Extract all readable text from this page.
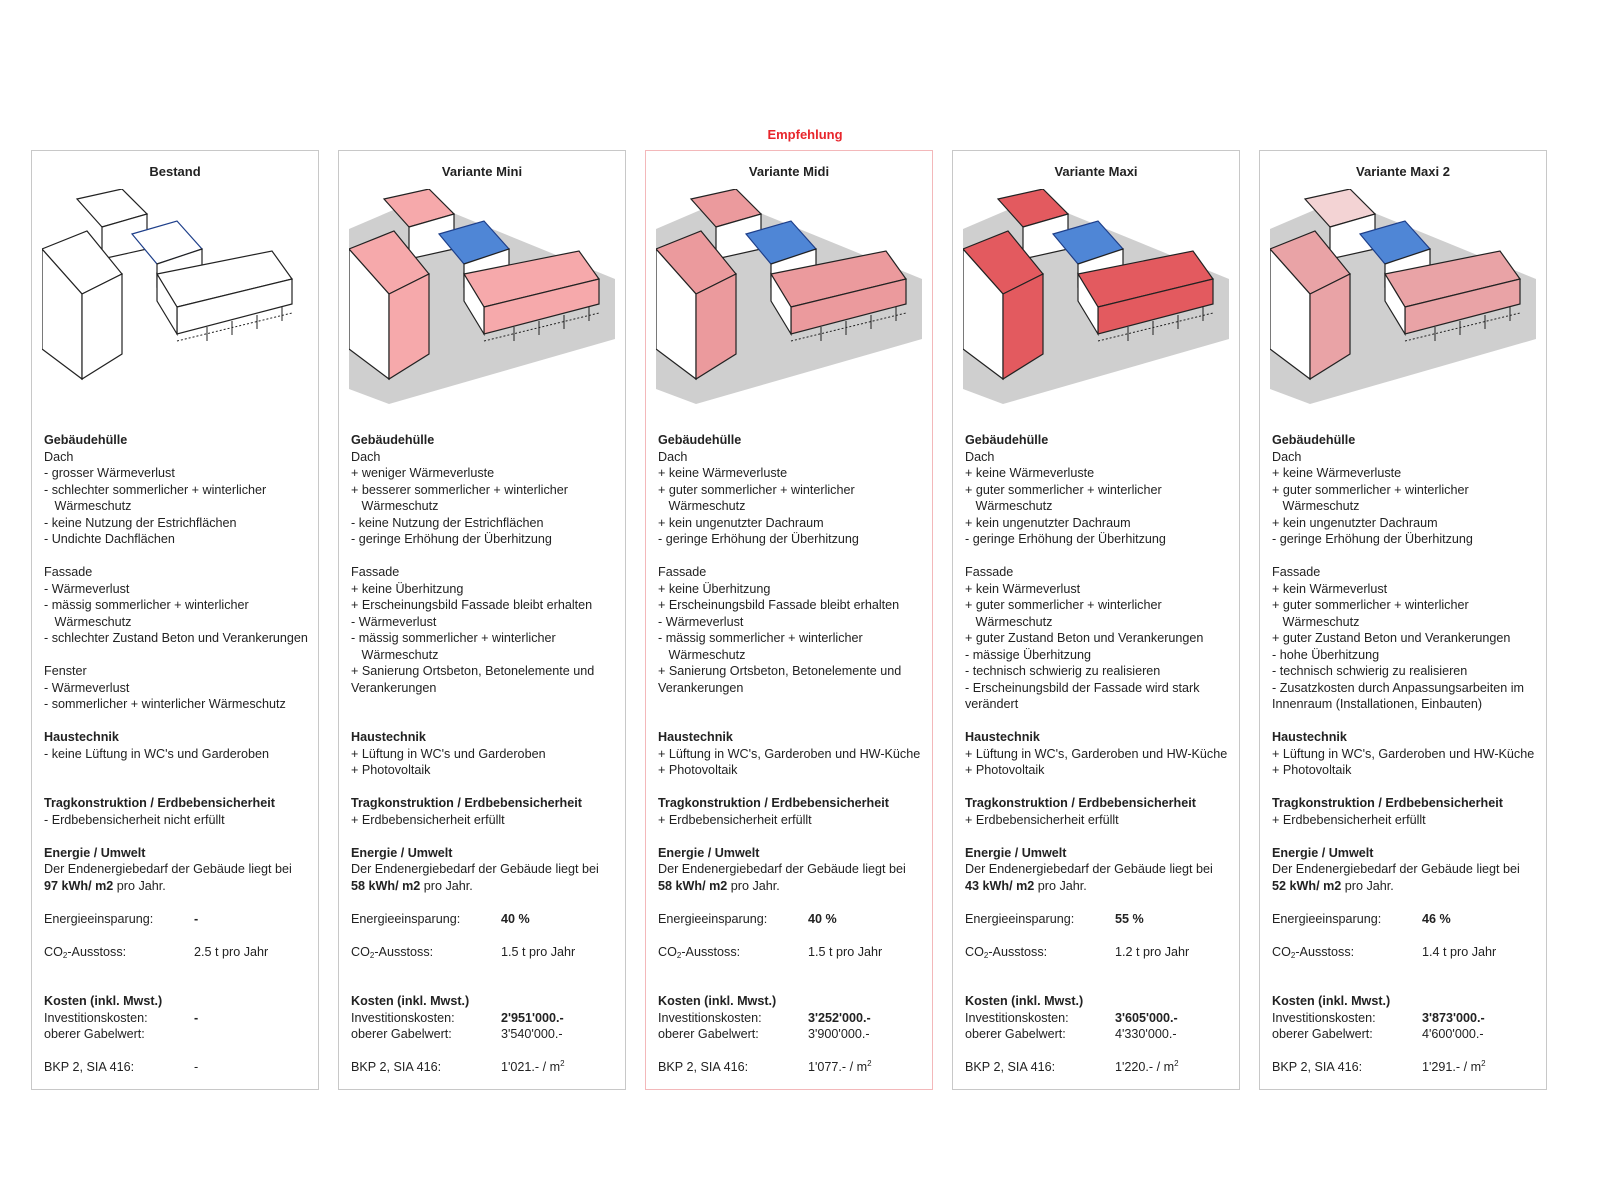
Empfehlung
Bestand
Gebäudehülle
Dach
- grosser Wärmeverlust
- schlechter sommerlicher + winterlicher
Wärmeschutz
- keine Nutzung der Estrichflächen
- Undichte Dachflächen
Fassade
- Wärmeverlust
- mässig sommerlicher + winterlicher
Wärmeschutz
- schlechter Zustand Beton und Verankerungen
Fenster
- Wärmeverlust
- sommerlicher + winterlicher Wärmeschutz
Haustechnik
- keine Lüftung in WC's und Garderoben
Tragkonstruktion / Erdbebensicherheit
- Erdbebensicherheit nicht erfüllt
Energie / Umwelt
Der Endenergiebedarf der Gebäude liegt bei
97 kWh/ m2 pro Jahr.
Energieeinsparung:	-
$CO_2$-Ausstoss:	2.5 t pro Jahr
Kosten (inkl. Mwst.)
Investitionskosten:	-
oberer Gabelwert:
BKP 2, SIA 416:	-
Variante Mini
Gebäudehülle
Dach
+ weniger Wärmeverluste
+ besserer sommerlicher + winterlicher
Wärmeschutz
- keine Nutzung der Estrichflächen
- geringe Erhöhung der Überhitzung
Fassade
+ keine Überhitzung
+ Erscheinungsbild Fassade bleibt erhalten
- Wärmeverlust
- mässig sommerlicher + winterlicher
Wärmeschutz
+ Sanierung Ortsbeton, Betonelemente und
Verankerungen
Haustechnik
+ Lüftung in WC's und Garderoben
+ Photovoltaik
Tragkonstruktion / Erdbebensicherheit
+ Erdbebensicherheit erfüllt
Energie / Umwelt
Der Endenergiebedarf der Gebäude liegt bei
58 kWh/ m2 pro Jahr.
Energieeinsparung:	40 %
$CO_2$-Ausstoss:	1.5 t pro Jahr
Kosten (inkl. Mwst.)
Investitionskosten:	2'951'000.-
oberer Gabelwert:	3'540'000.-
BKP 2, SIA 416:	$1'021.- / m^2$
Variante Midi
Gebäudehülle
Dach
+ keine Wärmeverluste
+ guter sommerlicher + winterlicher
Wärmeschutz
+ kein ungenutzter Dachraum
- geringe Erhöhung der Überhitzung
Fassade
+ keine Überhitzung
+ Erscheinungsbild Fassade bleibt erhalten
- Wärmeverlust
- mässig sommerlicher + winterlicher
Wärmeschutz
+ Sanierung Ortsbeton, Betonelemente und
Verankerungen
Haustechnik
+ Lüftung in WC's, Garderoben und HW-Küche
+ Photovoltaik
Tragkonstruktion / Erdbebensicherheit
+ Erdbebensicherheit erfüllt
Energie / Umwelt
Der Endenergiebedarf der Gebäude liegt bei
58 kWh/ m2 pro Jahr.
Energieeinsparung:	40 %
$CO_2$-Ausstoss:	1.5 t pro Jahr
Kosten (inkl. Mwst.)
Investitionskosten:	3'252'000.-
oberer Gabelwert:	3'900'000.-
BKP 2, SIA 416:	$1'077.- / m^2$
Variante Maxi
Gebäudehülle
Dach
+ keine Wärmeverluste
+ guter sommerlicher + winterlicher
Wärmeschutz
+ kein ungenutzter Dachraum
- geringe Erhöhung der Überhitzung
Fassade
+ kein Wärmeverlust
+ guter sommerlicher + winterlicher
Wärmeschutz
+ guter Zustand Beton und Verankerungen
- mässige Überhitzung
- technisch schwierig zu realisieren
- Erscheinungsbild der Fassade wird stark
verändert
Haustechnik
+ Lüftung in WC's, Garderoben und HW-Küche
+ Photovoltaik
Tragkonstruktion / Erdbebensicherheit
+ Erdbebensicherheit erfüllt
Energie / Umwelt
Der Endenergiebedarf der Gebäude liegt bei
43 kWh/ m2 pro Jahr.
Energieeinsparung:	55 %
$CO_2$-Ausstoss:	1.2 t pro Jahr
Kosten (inkl. Mwst.)
Investitionskosten:	3'605'000.-
oberer Gabelwert:	4'330'000.-
BKP 2, SIA 416:	$1'220.- / m^2$
Variante Maxi 2
Gebäudehülle
Dach
+ keine Wärmeverluste
+ guter sommerlicher + winterlicher
Wärmeschutz
+ kein ungenutzter Dachraum
- geringe Erhöhung der Überhitzung
Fassade
+ kein Wärmeverlust
+ guter sommerlicher + winterlicher
Wärmeschutz
+ guter Zustand Beton und Verankerungen
- hohe Überhitzung
- technisch schwierig zu realisieren
- Zusatzkosten durch Anpassungsarbeiten im
Innenraum (Installationen, Einbauten)
Haustechnik
+ Lüftung in WC's, Garderoben und HW-Küche
+ Photovoltaik
Tragkonstruktion / Erdbebensicherheit
+ Erdbebensicherheit erfüllt
Energie / Umwelt
Der Endenergiebedarf der Gebäude liegt bei
52 kWh/ m2 pro Jahr.
Energieeinsparung:	46 %
$CO_2$-Ausstoss:	1.4 t pro Jahr
Kosten (inkl. Mwst.)
Investitionskosten:	3'873'000.-
oberer Gabelwert:	4'600'000.-
BKP 2, SIA 416:	$1'291.- / m^2$
